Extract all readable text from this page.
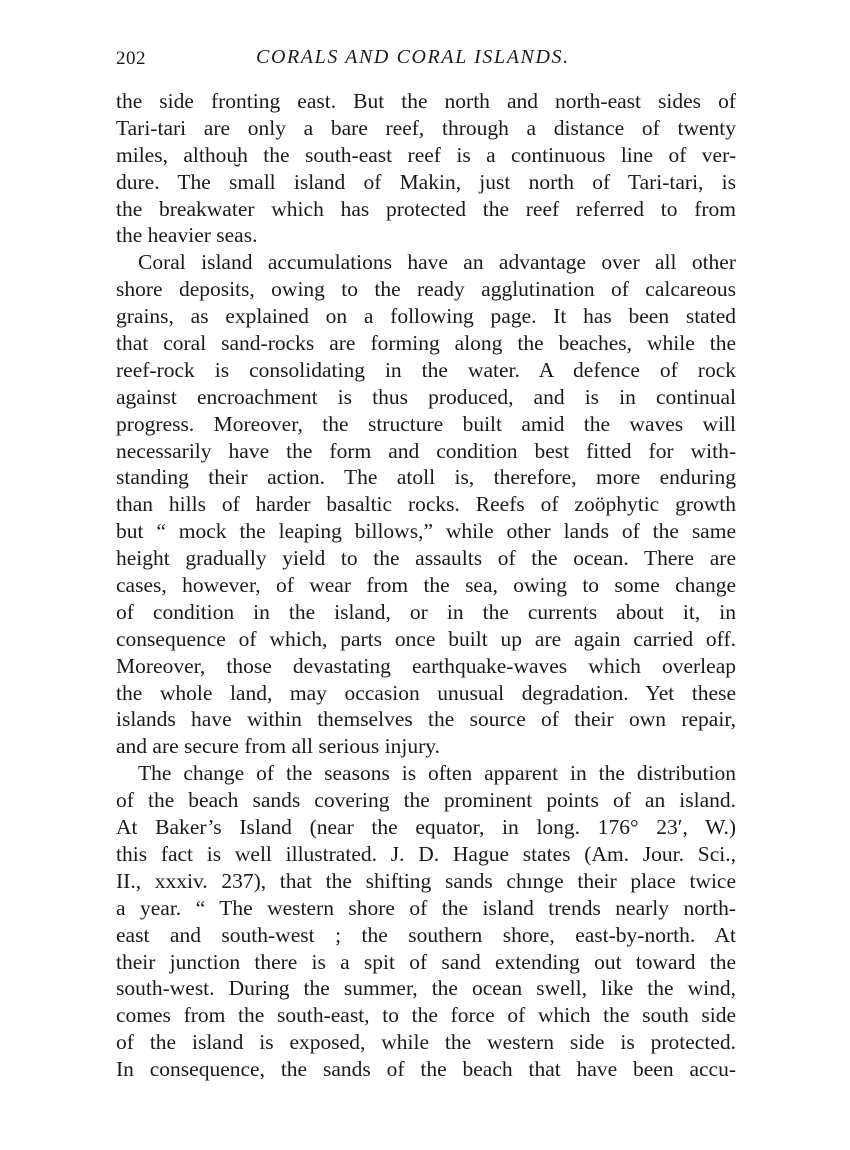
202	CORALS AND CORAL ISLANDS.
the side fronting east. But the north and north-east sides of
Tari-tari are only a bare reef, through a distance of twenty
miles, althou̮h the south-east reef is a continuous line of ver-
dure. The small island of Makin, just north of Tari-tari, is
the breakwater which has protected the reef referred to from
the heavier seas.
Coral island accumulations have an advantage over all other
shore deposits, owing to the ready agglutination of calcareous
grains, as explained on a following page. It has been stated
that coral sand-rocks are forming along the beaches, while the
reef-rock is consolidating in the water. A defence of rock
against encroachment is thus produced, and is in continual
progress. Moreover, the structure built amid the waves will
necessarily have the form and condition best fitted for with-
standing their action. The atoll is, therefore, more enduring
than hills of harder basaltic rocks. Reefs of zoöphytic growth
but “ mock the leaping billows,” while other lands of the same
height gradually yield to the assaults of the ocean. There are
cases, however, of wear from the sea, owing to some change
of condition in the island, or in the currents about it, in
consequence of which, parts once built up are again carried off.
Moreover, those devastating earthquake-waves which overleap
the whole land, may occasion unusual degradation. Yet these
islands have within themselves the source of their own repair,
and are secure from all serious injury.
The change of the seasons is often apparent in the distribution
of the beach sands covering the prominent points of an island.
At Baker’s Island (near the equator, in long. 176° 23′, W.)
this fact is well illustrated. J. D. Hague states (Am. Jour. Sci.,
II., xxxiv. 237), that the shifting sands chınge their place twice
a year. “ The western shore of the island trends nearly north-
east and south-west ; the southern shore, east-by-north. At
their junction there is a spit of sand extending out toward the
south-west. During the summer, the ocean swell, like the wind,
comes from the south-east, to the force of which the south side
of the island is exposed, while the western side is protected.
In consequence, the sands of the beach that have been accu-
